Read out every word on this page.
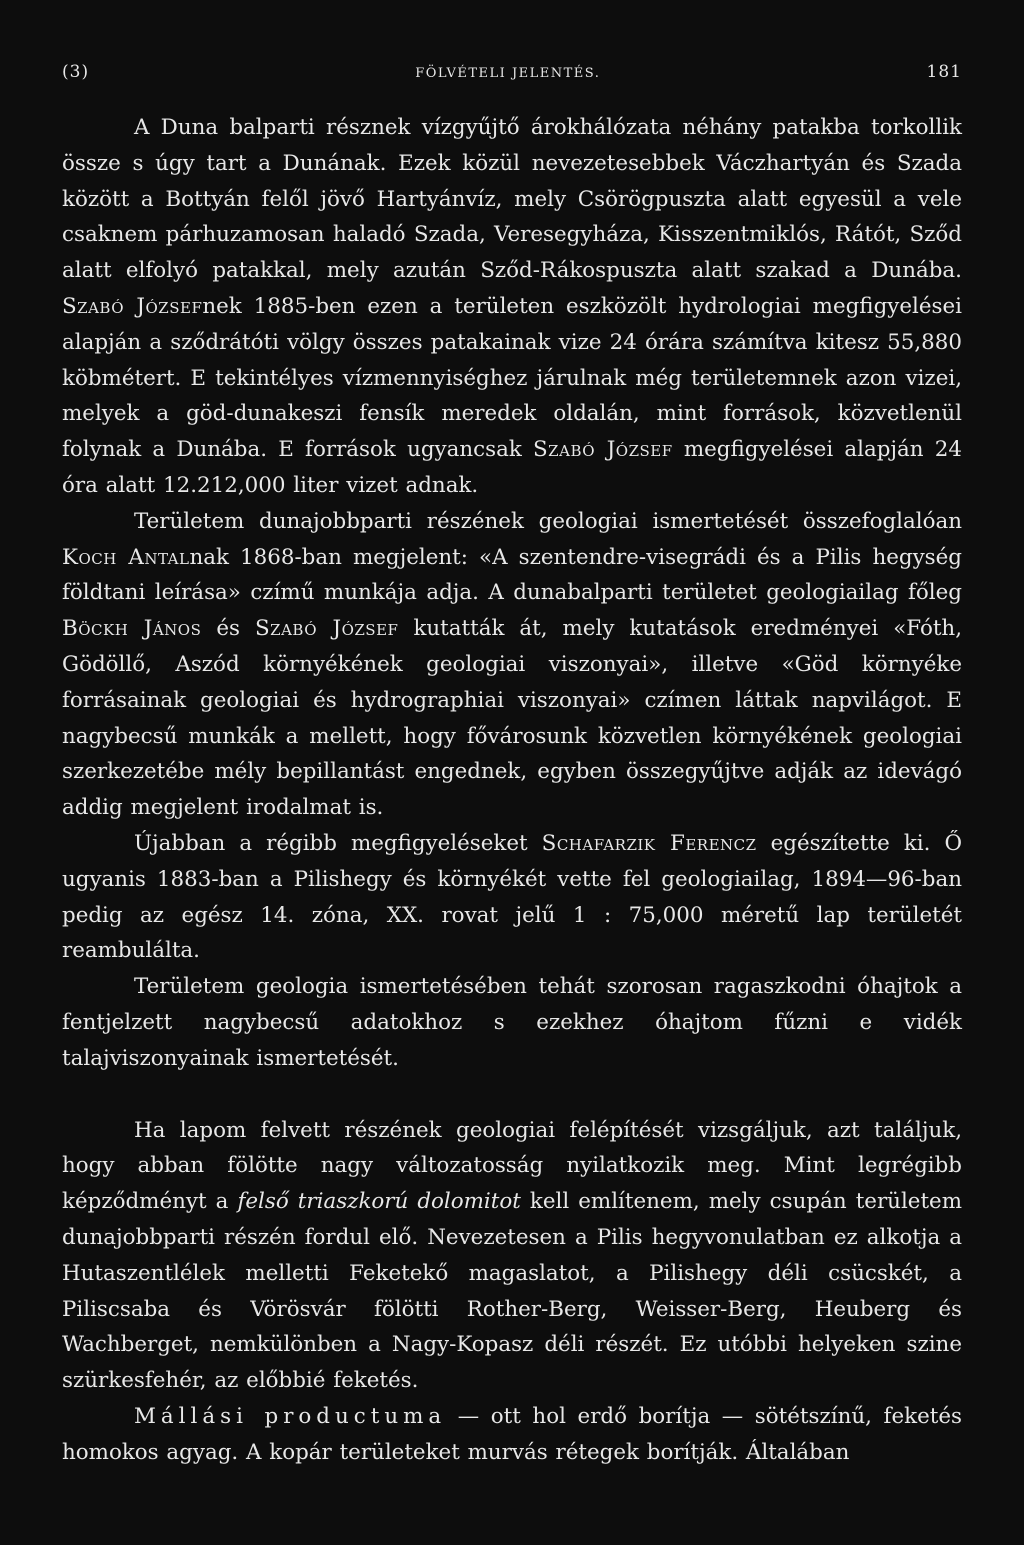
(3)	FÖLVÉTELI JELENTÉS.	181

A Duna balparti résznek vízgyűjtő árokhálózata néhány patakba torkollik össze s úgy tart a Dunának. Ezek közül nevezetesebbek Váczhartyán és Szada között a Bottyán felől jövő Hartyánvíz, mely Csörögpuszta alatt egyesül a vele csaknem párhuzamosan haladó Szada, Veresegyháza, Kisszentmiklós, Rátót, Sződ alatt elfolyó patakkal, mely azután Sződ-Rákospuszta alatt szakad a Dunába. Szabó Józsefnek 1885-ben ezen a területen eszközölt hydrologiai megfigyelései alapján a sződrátóti völgy összes patakainak vize 24 órára számítva kitesz 55,880 köbmétert. E tekintélyes vízmennyiséghez járulnak még területemnek azon vizei, melyek a göd-dunakeszi fensík meredek oldalán, mint források, közvetlenül folynak a Dunába. E források ugyancsak Szabó József megfigyelései alapján 24 óra alatt 12.212,000 liter vizet adnak.

Területem dunajobbparti részének geologiai ismertetését összefoglalóan Koch Antalnak 1868-ban megjelent: «A szentendre-visegrádi és a Pilis hegység földtani leírása» czímű munkája adja. A dunabalparti területet geologiailag főleg Böckh János és Szabó József kutatták át, mely kutatások eredményei «Fóth, Gödöllő, Aszód környékének geologiai viszonyai», illetve «Göd környéke forrásainak geologiai és hydrographiai viszonyai» czímen láttak napvilágot. E nagybecsű munkák a mellett, hogy fővárosunk közvetlen környékének geologiai szerkezetébe mély bepillantást engednek, egyben összegyűjtve adják az idevágó addig megjelent irodalmat is.

Újabban a régibb megfigyeléseket Schafarzik Ferencz egészítette ki. Ő ugyanis 1883-ban a Pilishegy és környékét vette fel geologiailag, 1894—96-ban pedig az egész 14. zóna, XX. rovat jelű 1 : 75,000 méretű lap területét reambulálta.

Területem geologia ismertetésében tehát szorosan ragaszkodni óhajtok a fentjelzett nagybecsű adatokhoz s ezekhez óhajtom fűzni e vidék talajviszonyainak ismertetését.

Ha lapom felvett részének geologiai felépítését vizsgáljuk, azt találjuk, hogy abban fölötte nagy változatosság nyilatkozik meg. Mint legrégibb képződményt a felső triaszkorú dolomitot kell említenem, mely csupán területem dunajobbparti részén fordul elő. Nevezetesen a Pilis hegyvonulatban ez alkotja a Hutaszentlélek melletti Feketekő magaslatot, a Pilishegy déli csücskét, a Piliscsaba és Vörösvár fölötti Rother-Berg, Weisser-Berg, Heuberg és Wachberget, nemkülönben a Nagy-Kopasz déli részét. Ez utóbbi helyeken szine szürkesfehér, az előbbié feketés.

Mállási productuma — ott hol erdő borítja — sötétszínű, feketés homokos agyag. A kopár területeket murvás rétegek borítják. Általában
